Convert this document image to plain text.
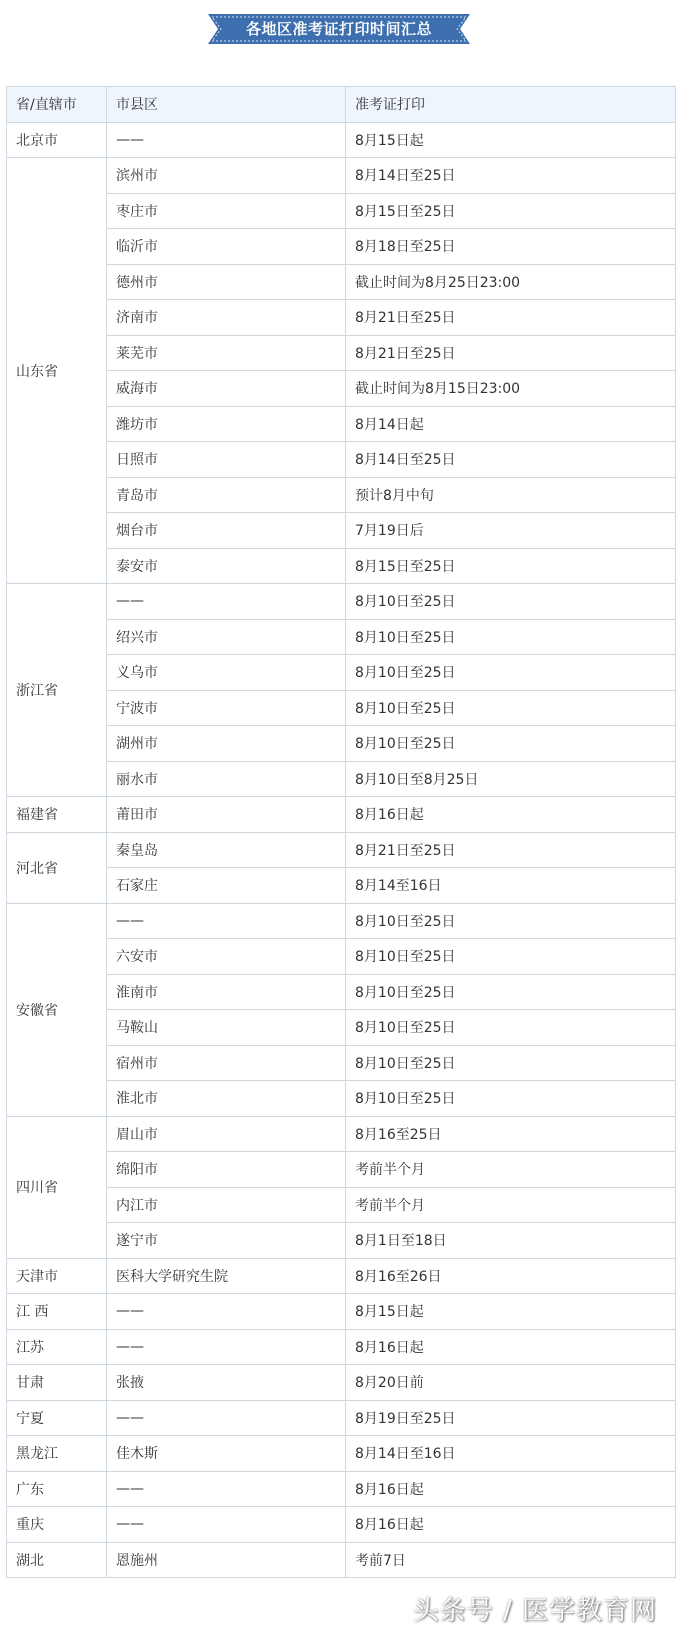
各地区准考证打印时间汇总
省/直辖市	市县区	准考证打印
北京市	——	8月15日起
山东省	滨州市	8月14日至25日
	枣庄市	8月15日至25日
	临沂市	8月18日至25日
	德州市	截止时间为8月25日23:00
	济南市	8月21日至25日
	莱芜市	8月21日至25日
	威海市	截止时间为8月15日23:00
	潍坊市	8月14日起
	日照市	8月14日至25日
	青岛市	预计8月中旬
	烟台市	7月19日后
	泰安市	8月15日至25日
浙江省	——	8月10日至25日
	绍兴市	8月10日至25日
	义乌市	8月10日至25日
	宁波市	8月10日至25日
	湖州市	8月10日至25日
	丽水市	8月10日至8月25日
福建省	莆田市	8月16日起
河北省	秦皇岛	8月21日至25日
	石家庄	8月14至16日
安徽省	——	8月10日至25日
	六安市	8月10日至25日
	淮南市	8月10日至25日
	马鞍山	8月10日至25日
	宿州市	8月10日至25日
	淮北市	8月10日至25日
四川省	眉山市	8月16至25日
	绵阳市	考前半个月
	内江市	考前半个月
	遂宁市	8月1日至18日
天津市	医科大学研究生院	8月16至26日
江 西	——	8月15日起
江苏	——	8月16日起
甘肃	张掖	8月20日前
宁夏	——	8月19日至25日
黑龙江	佳木斯	8月14日至16日
广东	——	8月16日起
重庆	——	8月16日起
湖北	恩施州	考前7日
头条号 / 医学教育网
